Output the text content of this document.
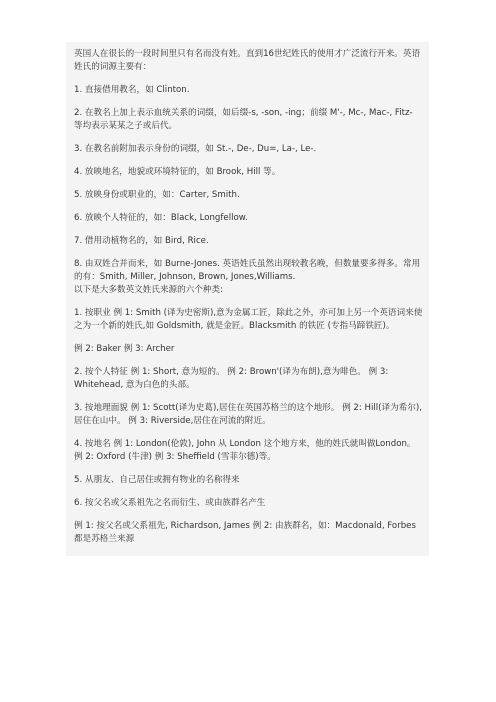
英国人在很长的一段时间里只有名而没有姓。直到16世纪姓氏的使用才广泛流行开来。英语姓氏的词源主要有：

1. 直接借用教名，如 Clinton.

2. 在教名上加上表示血统关系的词缀，如后缀-s, -son, -ing；前缀 M'-, Mc-, Mac-, Fitz- 等均表示某某之子或后代。

3. 在教名前附加表示身份的词缀，如 St.-, De-, Du=, La-, Le-.

4. 放映地名，地貌或环境特征的，如 Brook, Hill 等。

5. 放映身份或职业的，如：Carter, Smith.

6. 放映个人特征的，如：Black, Longfellow.

7. 借用动植物名的，如 Bird, Rice.

8. 由双姓合并而来，如 Burne-Jones. 英语姓氏虽然出现较教名晚，但数量要多得多。常用的有：Smith, Miller, Johnson, Brown, Jones,Williams.

以下是大多数英文姓氏来源的六个种类:

1. 按职业 例 1: Smith (译为史密斯),意为金属工匠，除此之外，亦可加上另一个英语词来使之为一个新的姓氏,如 Goldsmith, 就是金匠。Blacksmith 的铁匠 (专指马蹄铁匠)。

例 2: Baker 例 3: Archer

2. 按个人特征 例 1: Short, 意为短的。 例 2: Brown'(译为布朗),意为啡色。 例 3: Whitehead, 意为白色的头部。

3. 按地理面貌 例 1: Scott(译为史葛),居住在英国苏格兰的这个地形。 例 2: Hill(译为希尔),居住在山中。 例 3: Riverside,居住在河流的附近。

4. 按地名 例 1: London(伦敦), John 从 London 这个地方来，他的姓氏就叫做London。 例 2: Oxford (牛津) 例 3: Sheffield (雪菲尔德)等。

5. 从朋友、自己居住或拥有物业的名称得来

6. 按父名或父系祖先之名而衍生、或由族群名产生

例 1: 按父名或父系祖先, Richardson, James 例 2: 由族群名，如：Macdonald, Forbes 都是苏格兰来源
